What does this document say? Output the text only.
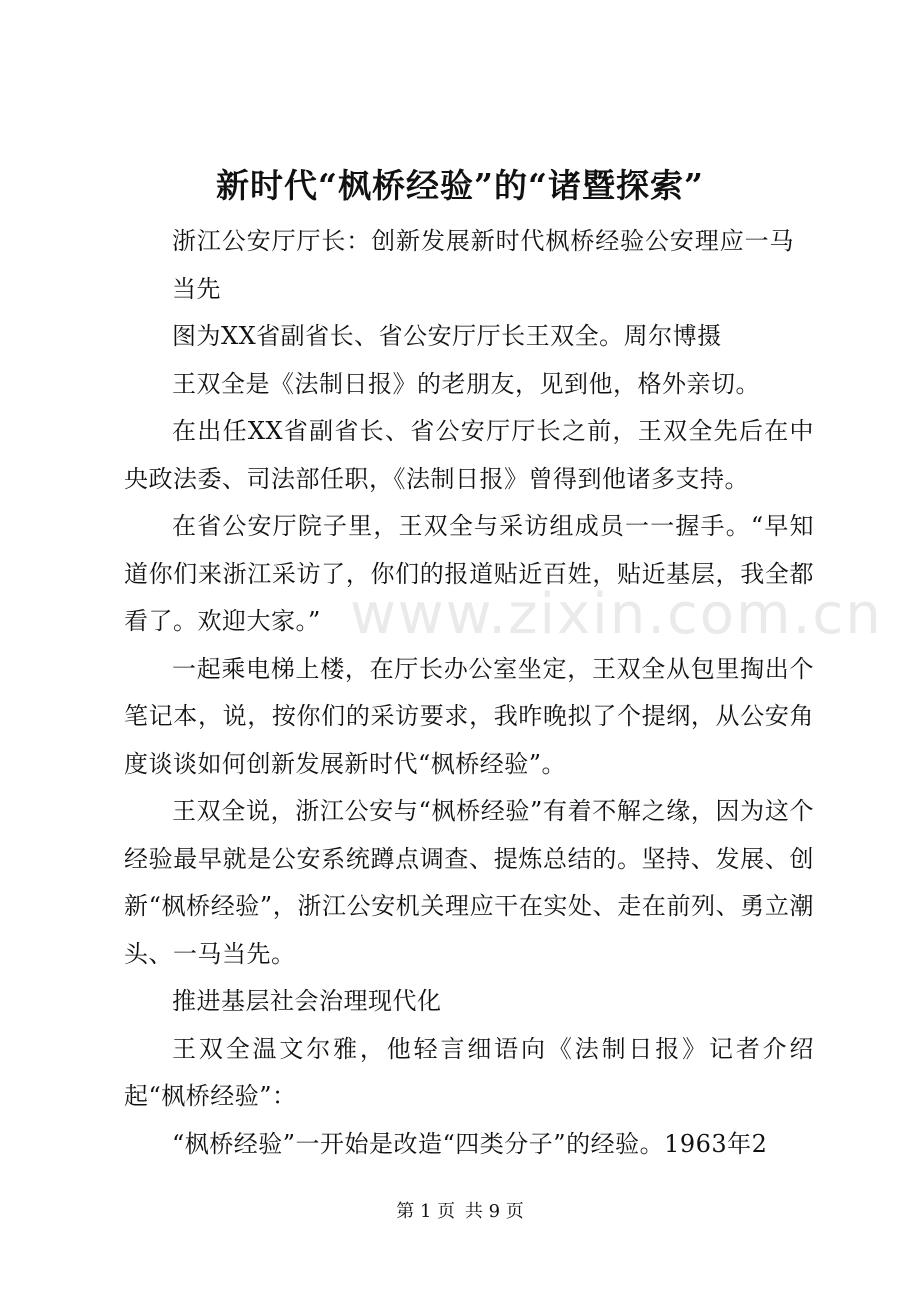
新时代“枫桥经验”的“诸暨探索”

浙江公安厅厅长：创新发展新时代枫桥经验公安理应一马当先

图为XX省副省长、省公安厅厅长王双全。周尔博摄

王双全是《法制日报》的老朋友，见到他，格外亲切。

在出任XX省副省长、省公安厅厅长之前，王双全先后在中央政法委、司法部任职，《法制日报》曾得到他诸多支持。

在省公安厅院子里，王双全与采访组成员一一握手。“早知道你们来浙江采访了，你们的报道贴近百姓，贴近基层，我全都看了。欢迎大家。”

一起乘电梯上楼，在厅长办公室坐定，王双全从包里掏出个笔记本，说，按你们的采访要求，我昨晚拟了个提纲，从公安角度谈谈如何创新发展新时代“枫桥经验”。

王双全说，浙江公安与“枫桥经验”有着不解之缘，因为这个经验最早就是公安系统蹲点调查、提炼总结的。坚持、发展、创新“枫桥经验”，浙江公安机关理应干在实处、走在前列、勇立潮头、一马当先。

推进基层社会治理现代化

王双全温文尔雅，他轻言细语向《法制日报》记者介绍起“枫桥经验”：

“枫桥经验”一开始是改造“四类分子”的经验。1963年2

www.zixin.com.cn
第 1 页 共 9 页
